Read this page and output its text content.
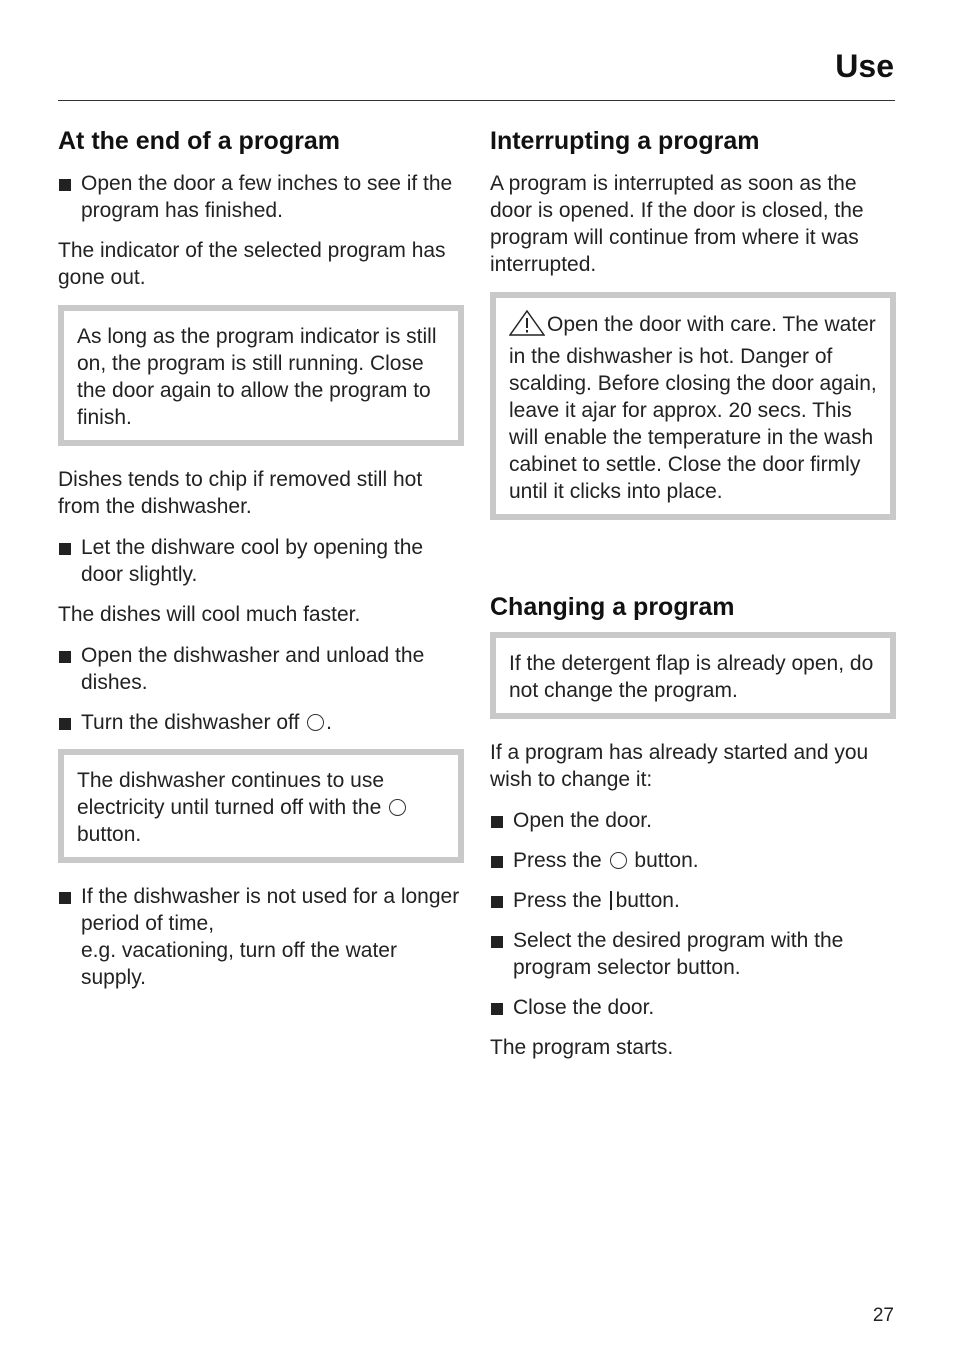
Use
At the end of a program

Open the door a few inches to see if the program has finished.

The indicator of the selected program has gone out.

As long as the program indicator is still on, the program is still running. Close the door again to allow the program to finish.

Dishes tends to chip if removed still hot from the dishwasher.

Let the dishware cool by opening the door slightly.

The dishes will cool much faster.

Open the dishwasher and unload the dishes.

Turn the dishwasher off .

The dishwasher continues to use electricity until turned off with the button.

If the dishwasher is not used for a longer period of time,
e.g. vacationing, turn off the water supply.

Interrupting a program

A program is interrupted as soon as the door is opened. If the door is closed, the program will continue from where it was interrupted.

Open the door with care. The water in the dishwasher is hot. Danger of scalding. Before closing the door again, leave it ajar for approx. 20 secs. This will enable the temperature in the wash cabinet to settle. Close the door firmly until it clicks into place.

Changing a program

If the detergent flap is already open, do not change the program.

If a program has already started and you wish to change it:

Open the door.

Press the button.

Press the button.

Select the desired program with the program selector button.

Close the door.

The program starts.

27
